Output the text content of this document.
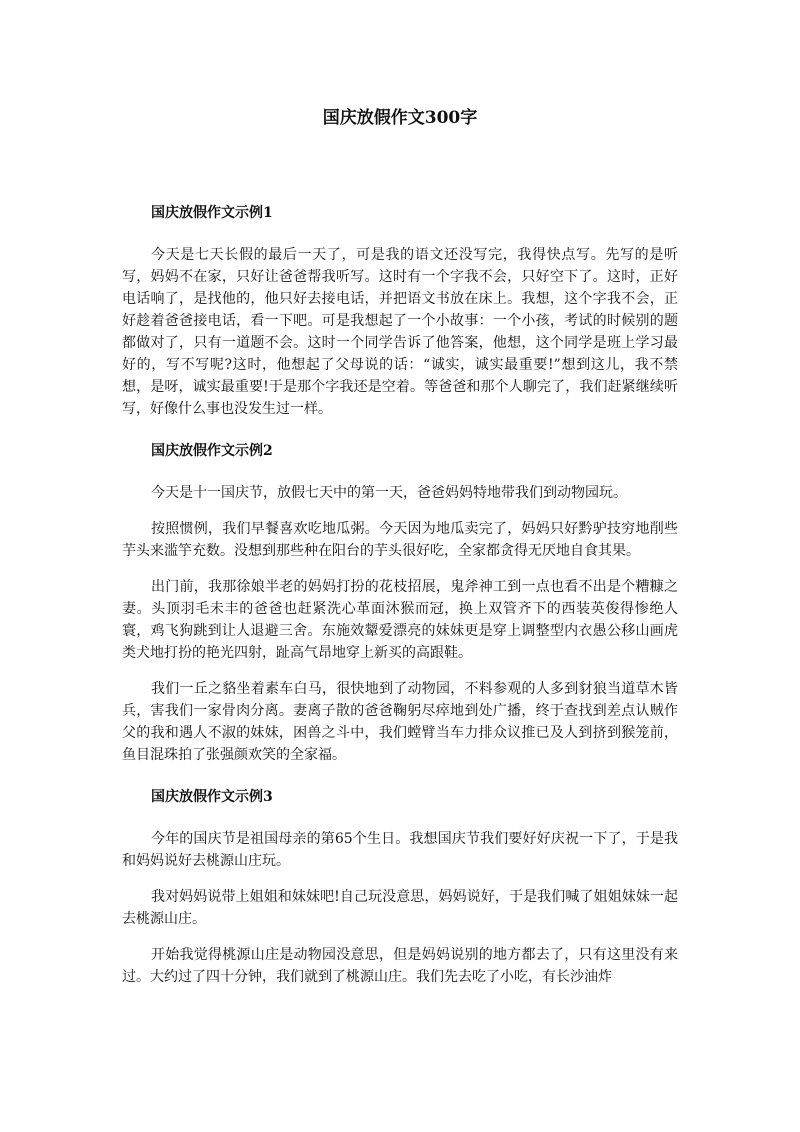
国庆放假作文300字

国庆放假作文示例1

今天是七天长假的最后一天了，可是我的语文还没写完，我得快点写。先写的是听写，妈妈不在家，只好让爸爸帮我听写。这时有一个字我不会，只好空下了。这时，正好电话响了，是找他的，他只好去接电话，并把语文书放在床上。我想，这个字我不会，正好趁着爸爸接电话，看一下吧。可是我想起了一个小故事：一个小孩，考试的时候别的题都做对了，只有一道题不会。这时一个同学告诉了他答案，他想，这个同学是班上学习最好的，写不写呢?这时，他想起了父母说的话：“诚实，诚实最重要!”想到这儿，我不禁想，是呀，诚实最重要!于是那个字我还是空着。等爸爸和那个人聊完了，我们赶紧继续听写，好像什么事也没发生过一样。

国庆放假作文示例2

今天是十一国庆节，放假七天中的第一天，爸爸妈妈特地带我们到动物园玩。

按照惯例，我们早餐喜欢吃地瓜粥。今天因为地瓜卖完了，妈妈只好黔驴技穷地削些芋头来滥竽充数。没想到那些种在阳台的芋头很好吃，全家都贪得无厌地自食其果。

出门前，我那徐娘半老的妈妈打扮的花枝招展，鬼斧神工到一点也看不出是个糟糠之妻。头顶羽毛未丰的爸爸也赶紧洗心革面沐猴而冠，换上双管齐下的西装英俊得惨绝人寰，鸡飞狗跳到让人退避三舍。东施效颦爱漂亮的妹妹更是穿上调整型内衣愚公移山画虎类犬地打扮的艳光四射，趾高气昂地穿上新买的高跟鞋。

我们一丘之貉坐着素车白马，很快地到了动物园，不料参观的人多到豺狼当道草木皆兵，害我们一家骨肉分离。妻离子散的爸爸鞠躬尽瘁地到处广播，终于查找到差点认贼作父的我和遇人不淑的妹妹，困兽之斗中，我们螳臂当车力排众议推已及人到挤到猴笼前，鱼目混珠拍了张强颜欢笑的全家福。

国庆放假作文示例3

今年的国庆节是祖国母亲的第65个生日。我想国庆节我们要好好庆祝一下了，于是我和妈妈说好去桃源山庄玩。

我对妈妈说带上姐姐和妹妹吧!自己玩没意思，妈妈说好，于是我们喊了姐姐妹妹一起去桃源山庄。

开始我觉得桃源山庄是动物园没意思，但是妈妈说别的地方都去了，只有这里没有来过。大约过了四十分钟，我们就到了桃源山庄。我们先去吃了小吃，有长沙油炸
